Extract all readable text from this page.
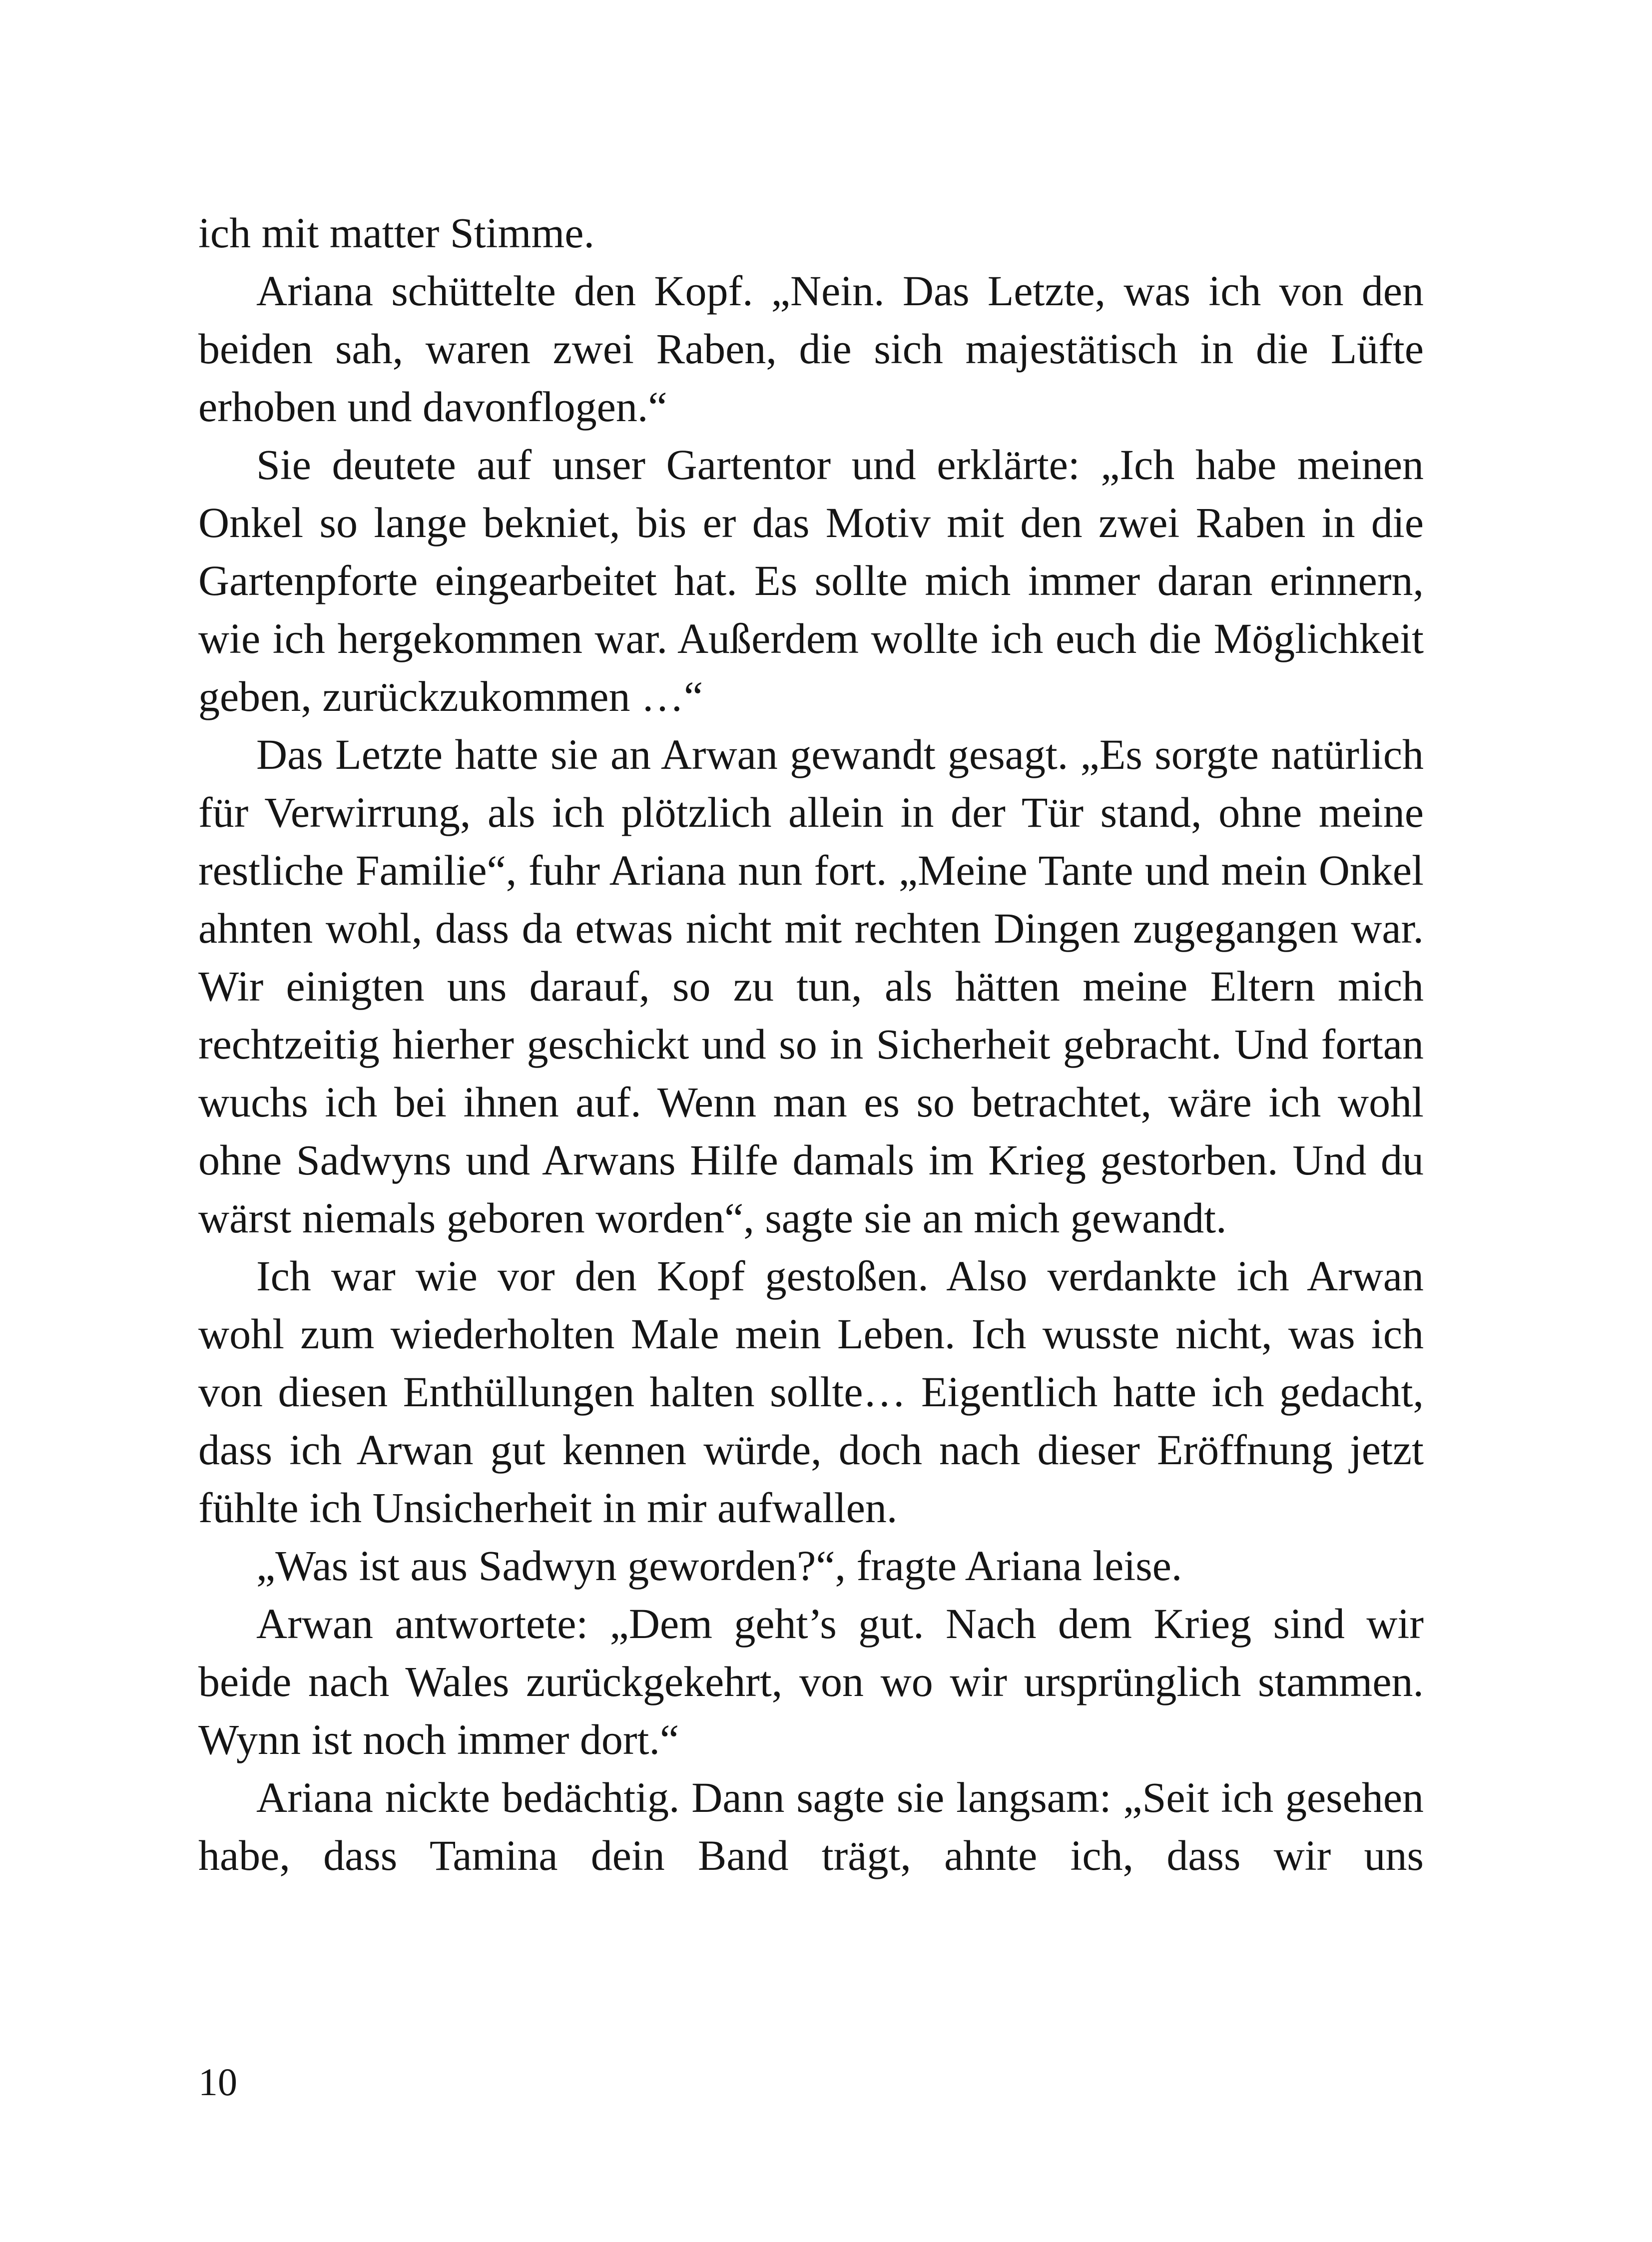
ich mit matter Stimme.

Ariana schüttelte den Kopf. „Nein. Das Letzte, was ich von den beiden sah, waren zwei Raben, die sich majestätisch in die Lüfte erhoben und davonflogen.“

Sie deutete auf unser Gartentor und erklärte: „Ich habe meinen Onkel so lange bekniet, bis er das Motiv mit den zwei Raben in die Gartenpforte eingearbeitet hat. Es sollte mich immer daran erinnern, wie ich hergekommen war. Außerdem wollte ich euch die Möglichkeit geben, zurückzukommen …“

Das Letzte hatte sie an Arwan gewandt gesagt. „Es sorgte natürlich für Verwirrung, als ich plötzlich allein in der Tür stand, ohne meine restliche Familie“, fuhr Ariana nun fort. „Meine Tante und mein Onkel ahnten wohl, dass da etwas nicht mit rechten Dingen zugegangen war. Wir einigten uns darauf, so zu tun, als hätten meine Eltern mich rechtzeitig hierher geschickt und so in Sicherheit gebracht. Und fortan wuchs ich bei ihnen auf. Wenn man es so betrachtet, wäre ich wohl ohne Sadwyns und Arwans Hilfe damals im Krieg gestorben. Und du wärst niemals geboren worden“, sagte sie an mich gewandt.

Ich war wie vor den Kopf gestoßen. Also verdankte ich Arwan wohl zum wiederholten Male mein Leben. Ich wusste nicht, was ich von diesen Enthüllungen halten sollte… Eigentlich hatte ich gedacht, dass ich Arwan gut kennen würde, doch nach dieser Eröffnung jetzt fühlte ich Unsicherheit in mir aufwallen.

„Was ist aus Sadwyn geworden?“, fragte Ariana leise.

Arwan antwortete: „Dem geht’s gut. Nach dem Krieg sind wir beide nach Wales zurückgekehrt, von wo wir ursprünglich stammen. Wynn ist noch immer dort.“

Ariana nickte bedächtig. Dann sagte sie langsam: „Seit ich gesehen habe, dass Tamina dein Band trägt, ahnte ich, dass wir uns

10
